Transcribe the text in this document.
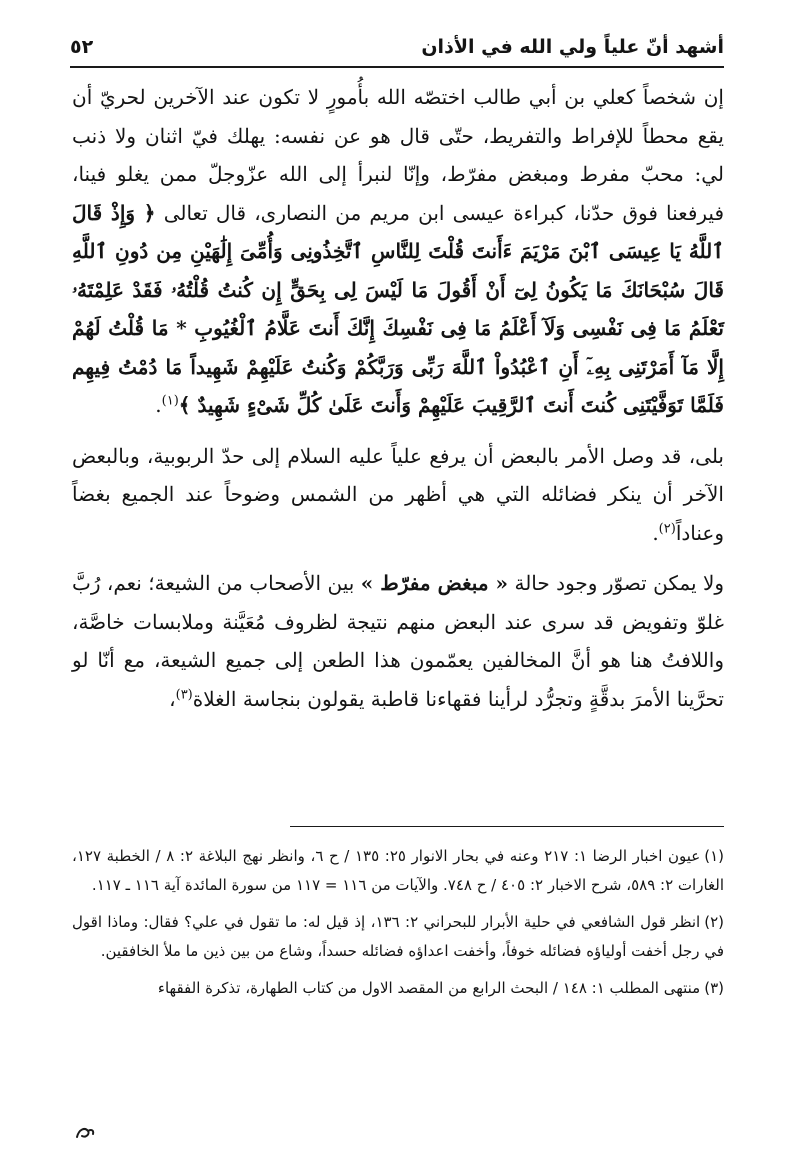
أشهد أنّ علياً ولي الله في الأذان
٥٢

إن شخصاً كعلي بن أبي طالب اختصّه الله بأُمورٍ لا تكون عند الآخرين لحريّ أن يقع محطاً للإفراط والتفريط، حتّى قال هو عن نفسه: يهلك فيّ اثنان ولا ذنب لي: محبّ مفرط ومبغض مفرّط، وإنّا لنبرأ إلى الله عزّوجلّ ممن يغلو فينا، فيرفعنا فوق حدّنا، كبراءة عيسى ابن مريم من النصارى، قال تعالى ﴿ وَإِذْ قَالَ ٱللَّهُ يَا عِيسَى ٱبْنَ مَرْيَمَ ءَأَنتَ قُلْتَ لِلنَّاسِ ٱتَّخِذُونِى وَأُمِّىَ إِلَٰهَيْنِ مِن دُونِ ٱللَّهِ قَالَ سُبْحَانَكَ مَا يَكُونُ لِىٓ أَنْ أَقُولَ مَا لَيْسَ لِى بِحَقٍّ إِن كُنتُ قُلْتُهُۥ فَقَدْ عَلِمْتَهُۥ تَعْلَمُ مَا فِى نَفْسِى وَلَآ أَعْلَمُ مَا فِى نَفْسِكَ إِنَّكَ أَنتَ عَلَّامُ ٱلْغُيُوبِ * مَا قُلْتُ لَهُمْ إِلَّا مَآ أَمَرْتَنِى بِهِۦٓ أَنِ ٱعْبُدُواْ ٱللَّهَ رَبِّى وَرَبَّكُمْ وَكُنتُ عَلَيْهِمْ شَهِيداً مَا دُمْتُ فِيهِم فَلَمَّا تَوَفَّيْتَنِى كُنتَ أَنتَ ٱلرَّقِيبَ عَلَيْهِمْ وَأَنتَ عَلَىٰ كُلِّ شَىْءٍ شَهِيدٌ ﴾$^{(١)}$.

بلى، قد وصل الأمر بالبعض أن يرفع علياً عليه السلام إلى حدّ الربوبية، وبالبعض الآخر أن ينكر فضائله التي هي أظهر من الشمس وضوحاً عند الجميع بغضاً وعناداً$^{(٢)}$.

ولا يمكن تصوّر وجود حالة « مبغض مفرّط » بين الأصحاب من الشيعة؛ نعم، رُبَّ غلوّ وتفويض قد سرى عند البعض منهم نتيجة لظروف مُعَيَّنة وملابسات خاصَّة، واللافتُ هنا هو أنَّ المخالفين يعمّمون هذا الطعن إلى جميع الشيعة، مع أنّا لو تحرَّينا الأمرَ بدقَّةٍ وتجرُّد لرأينا فقهاءنا قاطبة يقولون بنجاسة الغلاة$^{(٣)}$،

(١)عيون اخبار الرضا ١: ٢١٧ وعنه في بحار الانوار ٢٥: ١٣٥ / ح ٦، وانظر نهج البلاغة ٢: ٨ / الخطبة ١٢٧، الغارات ٢: ٥٨٩، شرح الاخبار ٢: ٤٠٥ / ح ٧٤٨. والآيات من ١١٦ = ١١٧ من سورة المائدة آية ١١٦ ـ ١١٧.

(٢)انظر قول الشافعي في حلية الأبرار للبحراني ٢: ١٣٦، إذ قيل له: ما تقول في علي؟ فقال: وماذا اقول في رجل أخفت أولياؤه فضائله خوفاً، وأخفت اعداؤه فضائله حسداً، وشاع من بين ذين ما ملأ الخافقين.

(٣)منتهى المطلب ١: ١٤٨ / البحث الرابع من المقصد الاول من كتاب الطهارة، تذكرة الفقهاء
